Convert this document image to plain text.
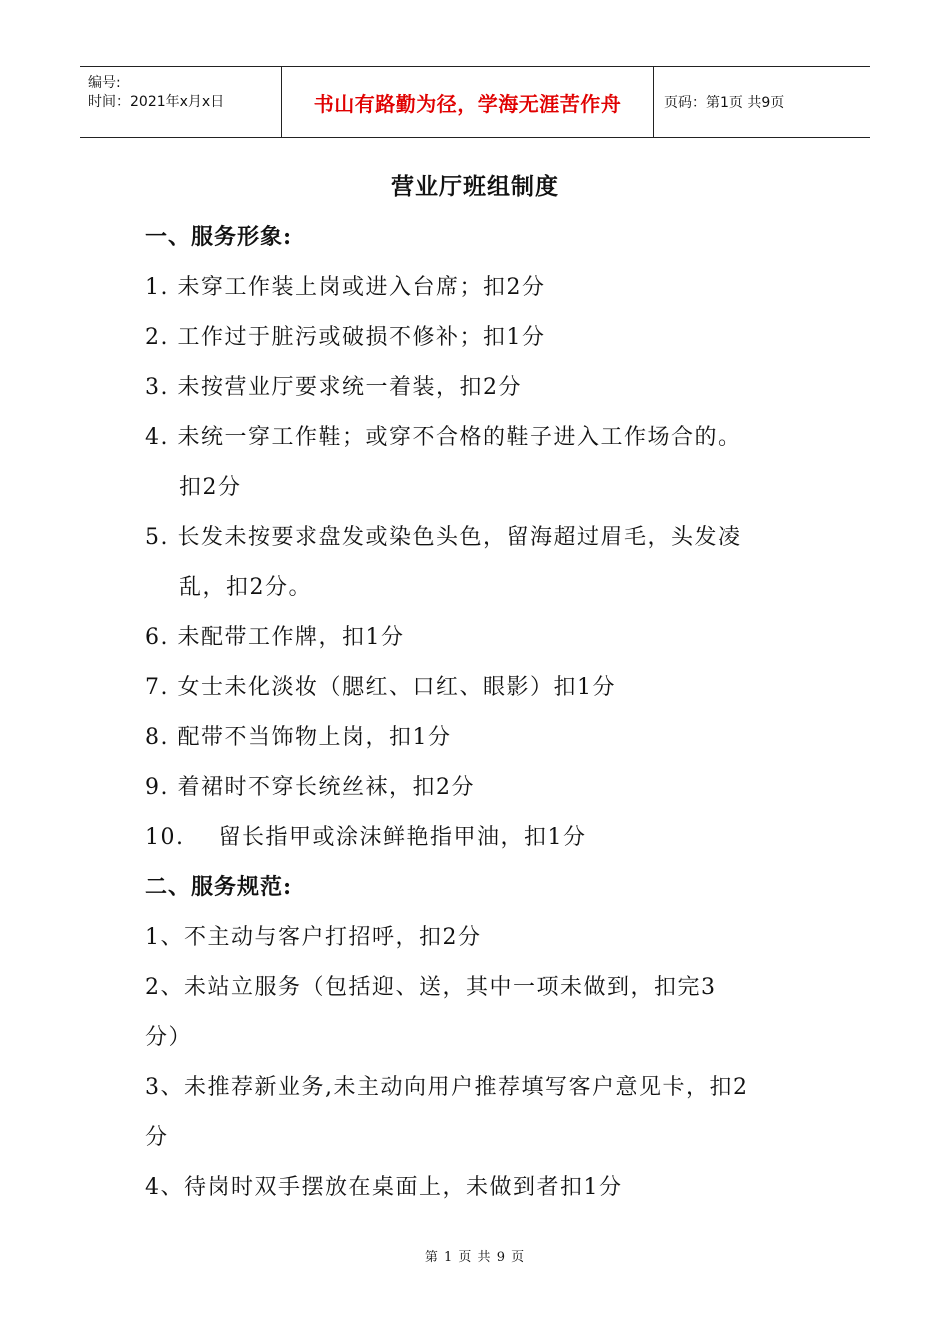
编号:
时间：2021年x月x日	书山有路勤为径，学海无涯苦作舟	页码：第1页 共9页
营业厅班组制度
一、服务形象:
1. 未穿工作装上岗或进入台席；扣2分
2. 工作过于脏污或破损不修补；扣1分
3. 未按营业厅要求统一着装，扣2分
4. 未统一穿工作鞋；或穿不合格的鞋子进入工作场合的。
扣2分
5. 长发未按要求盘发或染色头色，留海超过眉毛，头发凌
乱，扣2分。
6. 未配带工作牌，扣1分
7. 女士未化淡妆（腮红、口红、眼影）扣1分
8. 配带不当饰物上岗，扣1分
9. 着裙时不穿长统丝袜，扣2分
10.    留长指甲或涂沫鲜艳指甲油，扣1分
二、服务规范:
1、不主动与客户打招呼，扣2分
2、未站立服务（包括迎、送，其中一项未做到，扣完3
分）
3、未推荐新业务,未主动向用户推荐填写客户意见卡，扣2
分
4、待岗时双手摆放在桌面上，未做到者扣1分
第 1 页 共 9 页
